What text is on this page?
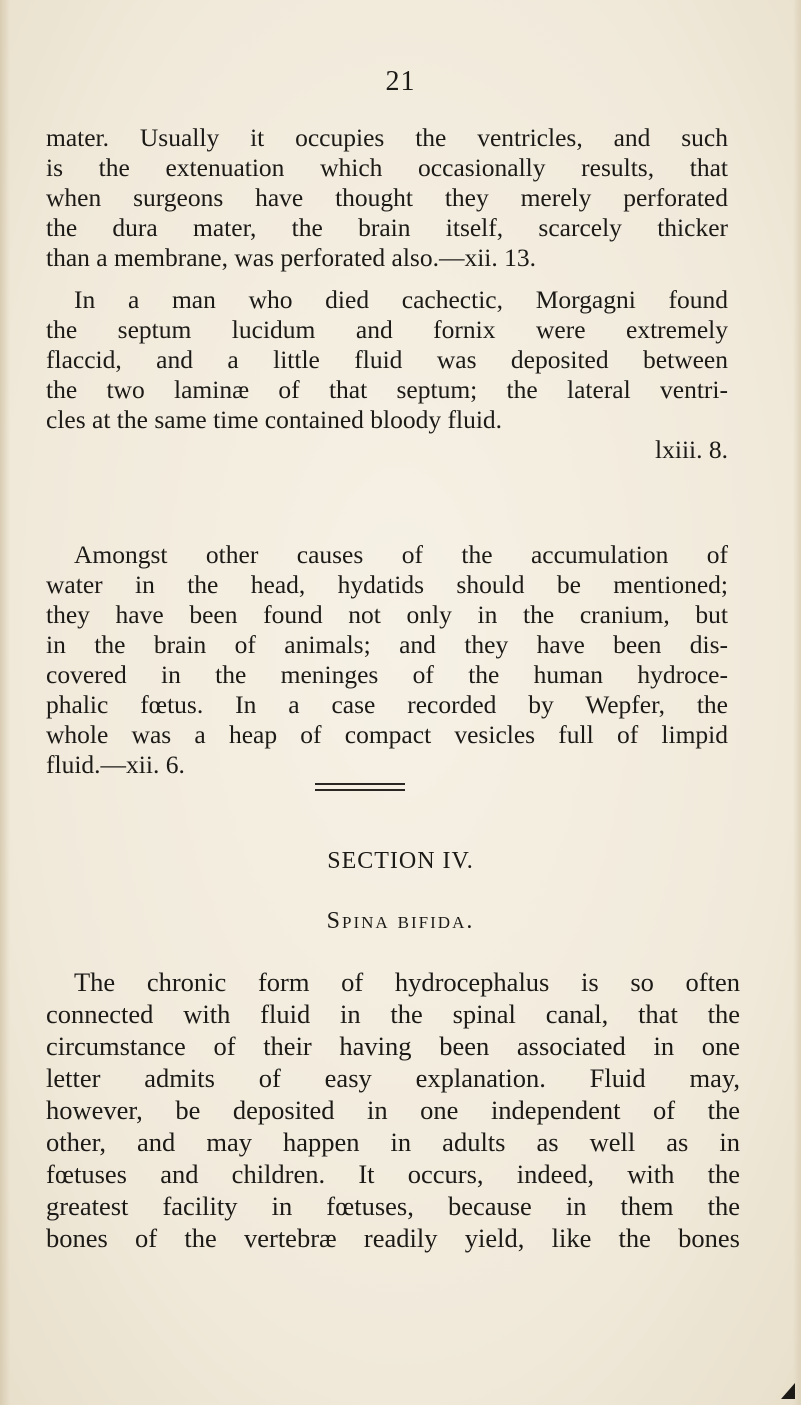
21

mater. Usually it occupies the ventricles, and such
is the extenuation which occasionally results, that
when surgeons have thought they merely perforated
the dura mater, the brain itself, scarcely thicker
than a membrane, was perforated also.—xii. 13.

In a man who died cachectic, Morgagni found
the septum lucidum and fornix were extremely
flaccid, and a little fluid was deposited between
the two laminæ of that septum; the lateral ventri-
cles at the same time contained bloody fluid.
lxiii. 8.

Amongst other causes of the accumulation of
water in the head, hydatids should be mentioned;
they have been found not only in the cranium, but
in the brain of animals; and they have been dis-
covered in the meninges of the human hydroce-
phalic fœtus. In a case recorded by Wepfer, the
whole was a heap of compact vesicles full of limpid
fluid.—xii. 6.

SECTION IV.
Spina bifida.

The chronic form of hydrocephalus is so often
connected with fluid in the spinal canal, that the
circumstance of their having been associated in one
letter admits of easy explanation. Fluid may,
however, be deposited in one independent of the
other, and may happen in adults as well as in
fœtuses and children. It occurs, indeed, with the
greatest facility in fœtuses, because in them the
bones of the vertebræ readily yield, like the bones
